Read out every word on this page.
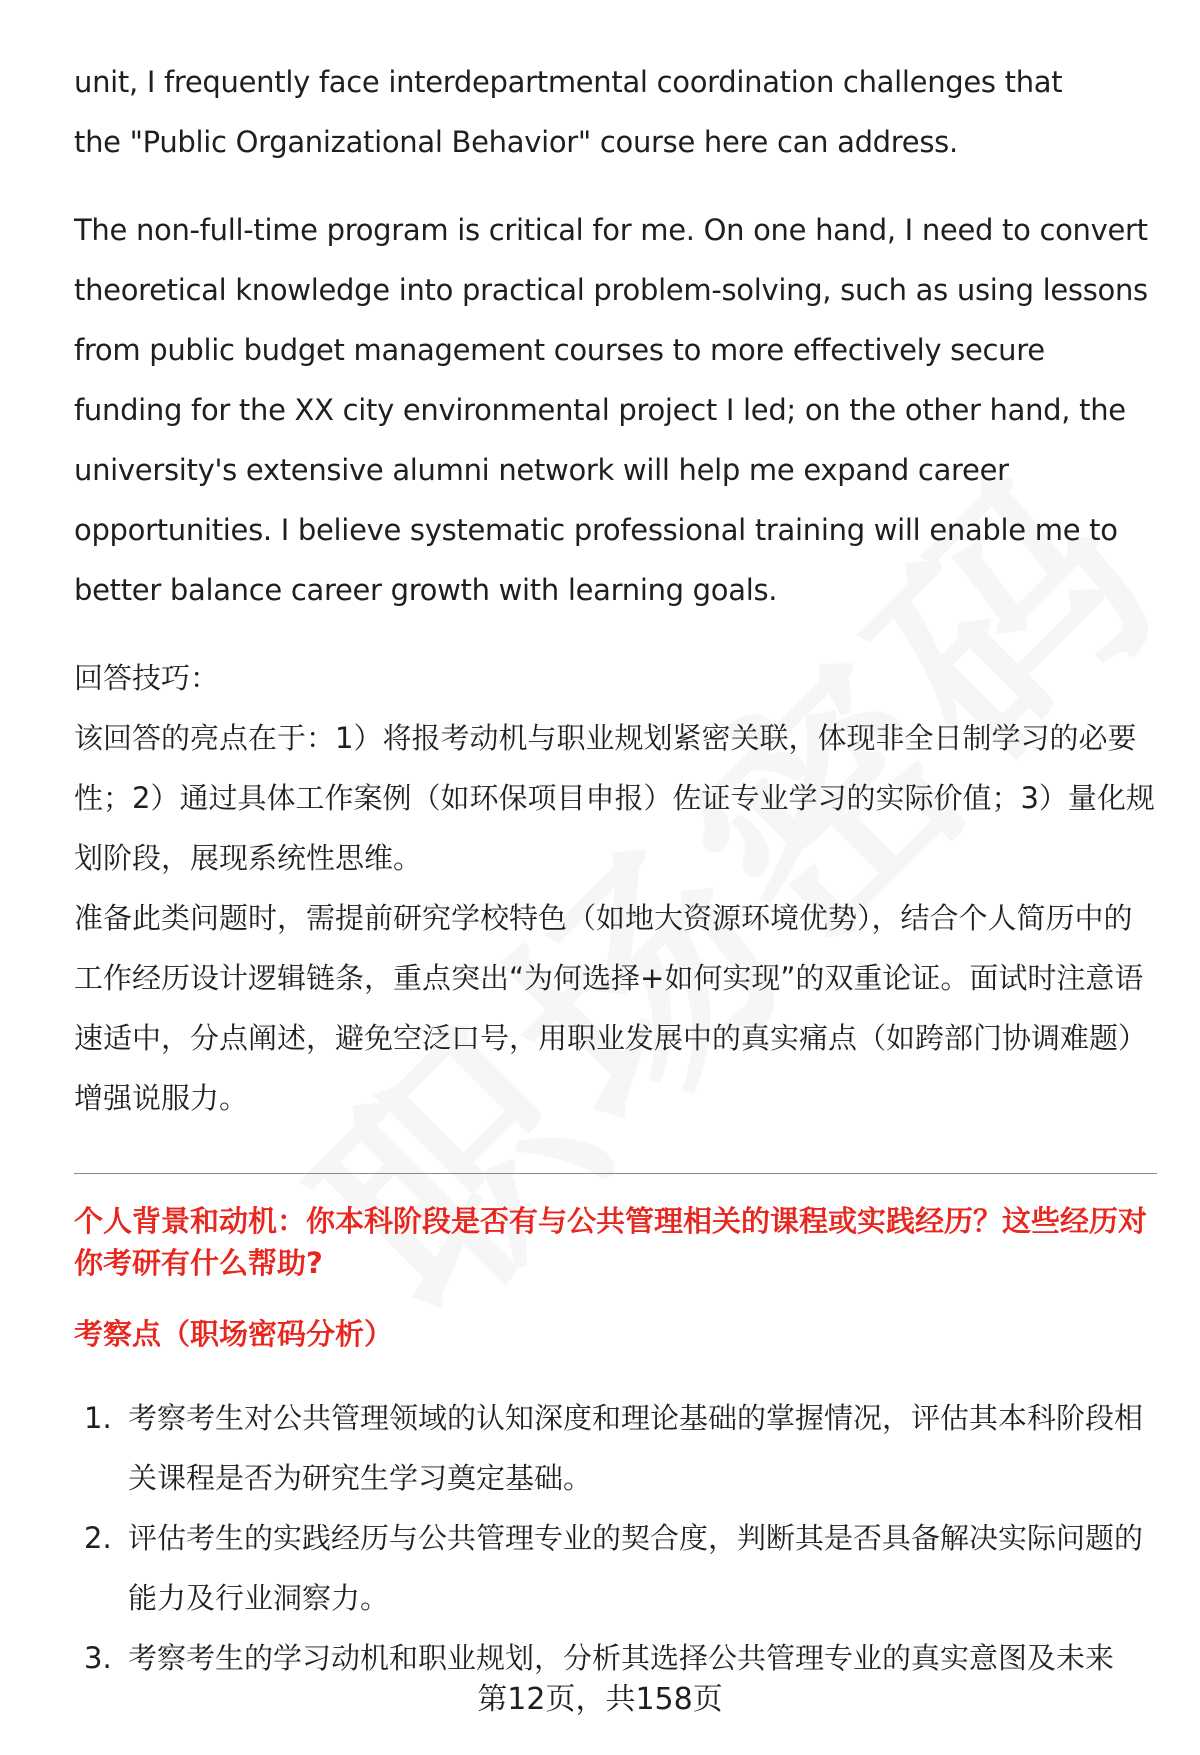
unit, I frequently face interdepartmental coordination challenges that the "Public Organizational Behavior" course here can address.

The non-full-time program is critical for me. On one hand, I need to convert theoretical knowledge into practical problem-solving, such as using lessons from public budget management courses to more effectively secure funding for the XX city environmental project I led; on the other hand, the university's extensive alumni network will help me expand career opportunities. I believe systematic professional training will enable me to better balance career growth with learning goals.

回答技巧：

该回答的亮点在于：1）将报考动机与职业规划紧密关联，体现非全日制学习的必要性；2）通过具体工作案例（如环保项目申报）佐证专业学习的实际价值；3）量化规划阶段，展现系统性思维。

准备此类问题时，需提前研究学校特色（如地大资源环境优势），结合个人简历中的工作经历设计逻辑链条，重点突出“为何选择+如何实现”的双重论证。面试时注意语速适中，分点阐述，避免空泛口号，用职业发展中的真实痛点（如跨部门协调难题）增强说服力。

个人背景和动机：你本科阶段是否有与公共管理相关的课程或实践经历？这些经历对你考研有什么帮助?
考察点（职场密码分析）
1. 考察考生对公共管理领域的认知深度和理论基础的掌握情况，评估其本科阶段相关课程是否为研究生学习奠定基础。
2. 评估考生的实践经历与公共管理专业的契合度，判断其是否具备解决实际问题的能力及行业洞察力。
3. 考察考生的学习动机和职业规划，分析其选择公共管理专业的真实意图及未来
第12页，共158页
